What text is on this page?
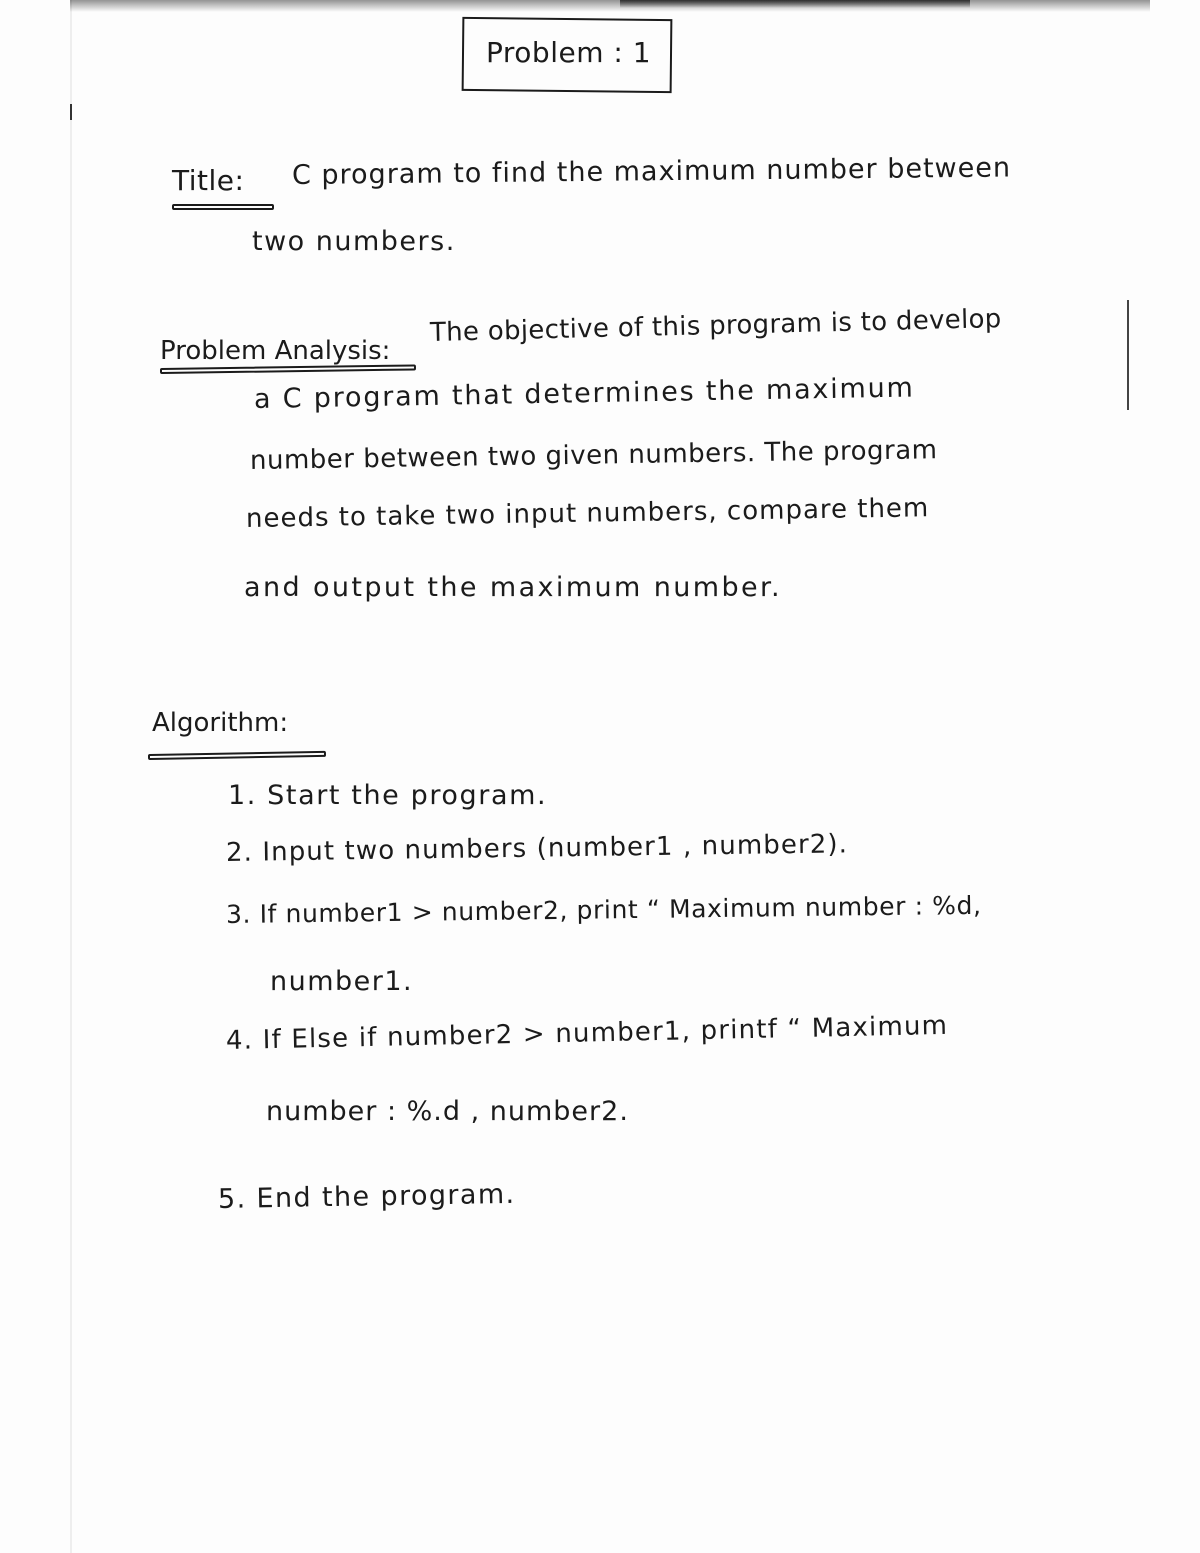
Problem : 1
Title: C program to find the maximum number between
two numbers.
Problem Analysis:
The objective of this program is to develop
a C program that determines the maximum
number between two given numbers. The program
needs to take two input numbers, compare them
and output the maximum number.
Algorithm:
1. Start the program.
2. Input two numbers (number1 , number2).
3. If number1 > number2, print “ Maximum number : %d,
number1.
4. If Else if number2 > number1, printf “ Maximum
number : %.d , number2.
5. End the program.
